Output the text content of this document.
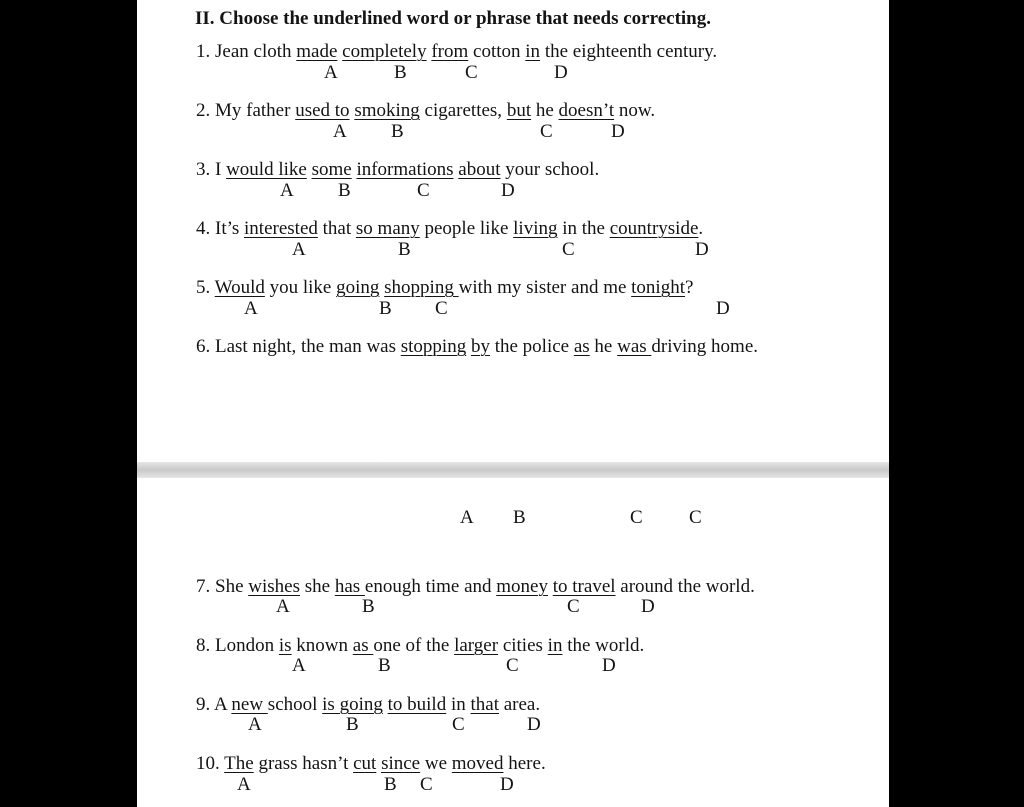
II. Choose the underlined word or phrase that needs correcting.
1. Jean cloth made completely from cotton in the eighteenth century.
A	B	C	D
2. My father used to smoking cigarettes, but he doesn’t now.
A B	C	D
3. I would like some informations about your school.
A B	C	D
4. It’s interested that so many people like living in the countryside.
A	B	C	D
5. Would you like going shopping with my sister and me tonight?
A	B C	D
6. Last night, the man was stopping by the police as he was driving home.
A B	C C
7. She wishes she has enough time and money to travel around the world.
A	B	C	D
8. London is known as one of the larger cities in the world.
A	B	C	D
9. A new school is going to build in that area.
A	B	C	D
10. The grass hasn’t cut since we moved here.
A	B C	D
